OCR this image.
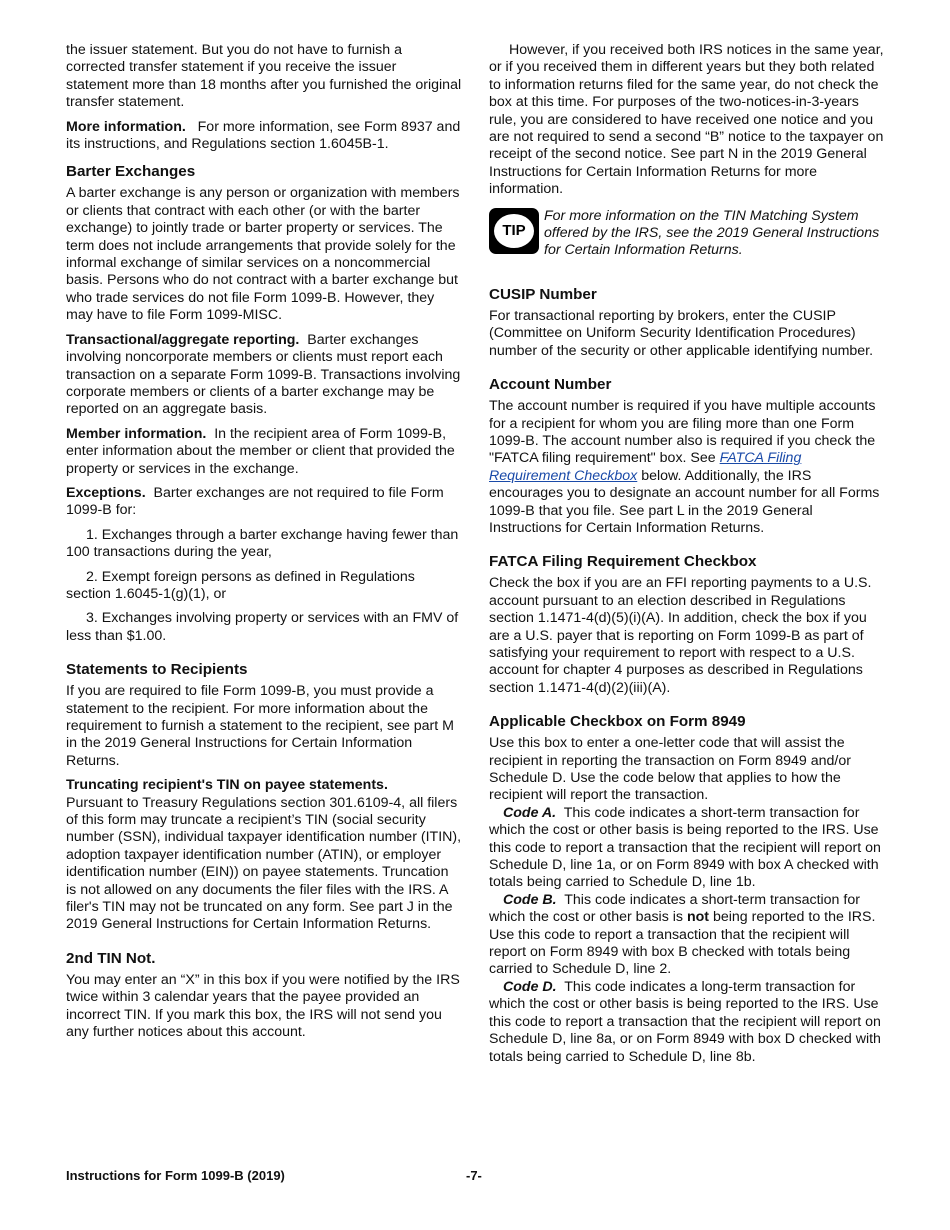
the issuer statement. But you do not have to furnish a corrected transfer statement if you receive the issuer statement more than 18 months after you furnished the original transfer statement.

More information. For more information, see Form 8937 and its instructions, and Regulations section 1.6045B-1.

Barter Exchanges

A barter exchange is any person or organization with members or clients that contract with each other (or with the barter exchange) to jointly trade or barter property or services. The term does not include arrangements that provide solely for the informal exchange of similar services on a noncommercial basis. Persons who do not contract with a barter exchange but who trade services do not file Form 1099-B. However, they may have to file Form 1099-MISC.

Transactional/aggregate reporting. Barter exchanges involving noncorporate members or clients must report each transaction on a separate Form 1099-B. Transactions involving corporate members or clients of a barter exchange may be reported on an aggregate basis.

Member information. In the recipient area of Form 1099-B, enter information about the member or client that provided the property or services in the exchange.

Exceptions. Barter exchanges are not required to file Form 1099-B for:

1. Exchanges through a barter exchange having fewer than 100 transactions during the year,

2. Exempt foreign persons as defined in Regulations section 1.6045-1(g)(1), or

3. Exchanges involving property or services with an FMV of less than $1.00.

Statements to Recipients

If you are required to file Form 1099-B, you must provide a statement to the recipient. For more information about the requirement to furnish a statement to the recipient, see part M in the 2019 General Instructions for Certain Information Returns.

Truncating recipient's TIN on payee statements.
Pursuant to Treasury Regulations section 301.6109-4, all filers of this form may truncate a recipient’s TIN (social security number (SSN), individual taxpayer identification number (ITIN), adoption taxpayer identification number (ATIN), or employer identification number (EIN)) on payee statements. Truncation is not allowed on any documents the filer files with the IRS. A filer's TIN may not be truncated on any form. See part J in the 2019 General Instructions for Certain Information Returns.

2nd TIN Not.

You may enter an “X” in this box if you were notified by the IRS twice within 3 calendar years that the payee provided an incorrect TIN. If you mark this box, the IRS will not send you any further notices about this account.

However, if you received both IRS notices in the same year, or if you received them in different years but they both related to information returns filed for the same year, do not check the box at this time. For purposes of the two-notices-in-3-years rule, you are considered to have received one notice and you are not required to send a second “B” notice to the taxpayer on receipt of the second notice. See part N in the 2019 General Instructions for Certain Information Returns for more information.

TIP
For more information on the TIN Matching System offered by the IRS, see the 2019 General Instructions for Certain Information Returns.
CUSIP Number

For transactional reporting by brokers, enter the CUSIP (Committee on Uniform Security Identification Procedures) number of the security or other applicable identifying number.

Account Number

The account number is required if you have multiple accounts for a recipient for whom you are filing more than one Form 1099-B. The account number also is required if you check the "FATCA filing requirement" box. See FATCA Filing Requirement Checkbox below. Additionally, the IRS encourages you to designate an account number for all Forms 1099-B that you file. See part L in the 2019 General Instructions for Certain Information Returns.

FATCA Filing Requirement Checkbox

Check the box if you are an FFI reporting payments to a U.S. account pursuant to an election described in Regulations section 1.1471-4(d)(5)(i)(A). In addition, check the box if you are a U.S. payer that is reporting on Form 1099-B as part of satisfying your requirement to report with respect to a U.S. account for chapter 4 purposes as described in Regulations section 1.1471-4(d)(2)(iii)(A).

Applicable Checkbox on Form 8949

Use this box to enter a one-letter code that will assist the recipient in reporting the transaction on Form 8949 and/or Schedule D. Use the code below that applies to how the recipient will report the transaction.

Code A. This code indicates a short-term transaction for which the cost or other basis is being reported to the IRS. Use this code to report a transaction that the recipient will report on Schedule D, line 1a, or on Form 8949 with box A checked with totals being carried to Schedule D, line 1b.

Code B. This code indicates a short-term transaction for which the cost or other basis is not being reported to the IRS. Use this code to report a transaction that the recipient will report on Form 8949 with box B checked with totals being carried to Schedule D, line 2.

Code D. This code indicates a long-term transaction for which the cost or other basis is being reported to the IRS. Use this code to report a transaction that the recipient will report on Schedule D, line 8a, or on Form 8949 with box D checked with totals being carried to Schedule D, line 8b.

Instructions for Form 1099-B (2019)	-7-
